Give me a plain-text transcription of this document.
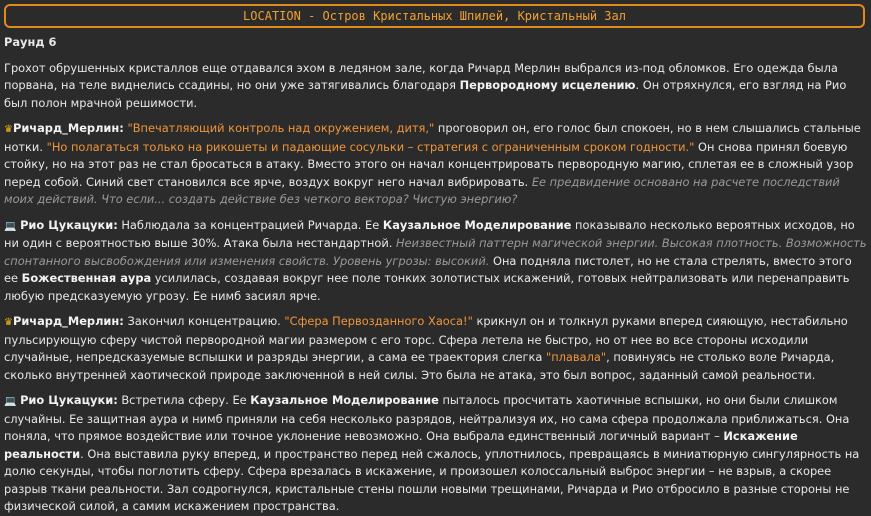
LOCATION - Остров Кристальных Шпилей, Кристальный Зал
Раунд 6

Грохот обрушенных кристаллов еще отдавался эхом в ледяном зале, когда Ричард Мерлин выбрался из-под обломков. Его одежда была порвана, на теле виднелись ссадины, но они уже затягивались благодаря Первородному исцелению. Он отряхнулся, его взгляд на Рио был полон мрачной решимости.

♛Ричард_Мерлин: "Впечатляющий контроль над окружением, дитя," проговорил он, его голос был спокоен, но в нем слышались стальные нотки. "Но полагаться только на рикошеты и падающие сосульки – стратегия с ограниченным сроком годности." Он снова принял боевую стойку, но на этот раз не стал бросаться в атаку. Вместо этого он начал концентрировать первородную магию, сплетая ее в сложный узор перед собой. Синий свет становился все ярче, воздух вокруг него начал вибрировать. Ее предвидение основано на расчете последствий моих действий. Что если... создать действие без четкого вектора? Чистую энергию?

💻 Рио Цукацуки: Наблюдала за концентрацией Ричарда. Ее Каузальное Моделирование показывало несколько вероятных исходов, но ни один с вероятностью выше 30%. Атака была нестандартной. Неизвестный паттерн магической энергии. Высокая плотность. Возможность спонтанного высвобождения или изменения свойств. Уровень угрозы: высокий. Она подняла пистолет, но не стала стрелять, вместо этого ее Божественная аура усилилась, создавая вокруг нее поле тонких золотистых искажений, готовых нейтрализовать или перенаправить любую предсказуемую угрозу. Ее нимб засиял ярче.

♛Ричард_Мерлин: Закончил концентрацию. "Сфера Первозданного Хаоса!" крикнул он и толкнул руками вперед сияющую, нестабильно пульсирующую сферу чистой первородной магии размером с его торс. Сфера летела не быстро, но от нее во все стороны исходили случайные, непредсказуемые вспышки и разряды энергии, а сама ее траектория слегка "плавала", повинуясь не столько воле Ричарда, сколько внутренней хаотической природе заключенной в ней силы. Это была не атака, это был вопрос, заданный самой реальности.

💻 Рио Цукацуки: Встретила сферу. Ее Каузальное Моделирование пыталось просчитать хаотичные вспышки, но они были слишком случайны. Ее защитная аура и нимб приняли на себя несколько разрядов, нейтрализуя их, но сама сфера продолжала приближаться. Она поняла, что прямое воздействие или точное уклонение невозможно. Она выбрала единственный логичный вариант – Искажение реальности. Она выставила руку вперед, и пространство перед ней сжалось, уплотнилось, превращаясь в миниатюрную сингулярность на долю секунды, чтобы поглотить сферу. Сфера врезалась в искажение, и произошел колоссальный выброс энергии – не взрыв, а скорее разрыв ткани реальности. Зал содрогнулся, кристальные стены пошли новыми трещинами, Ричарда и Рио отбросило в разные стороны не физической силой, а самим искажением пространства.
